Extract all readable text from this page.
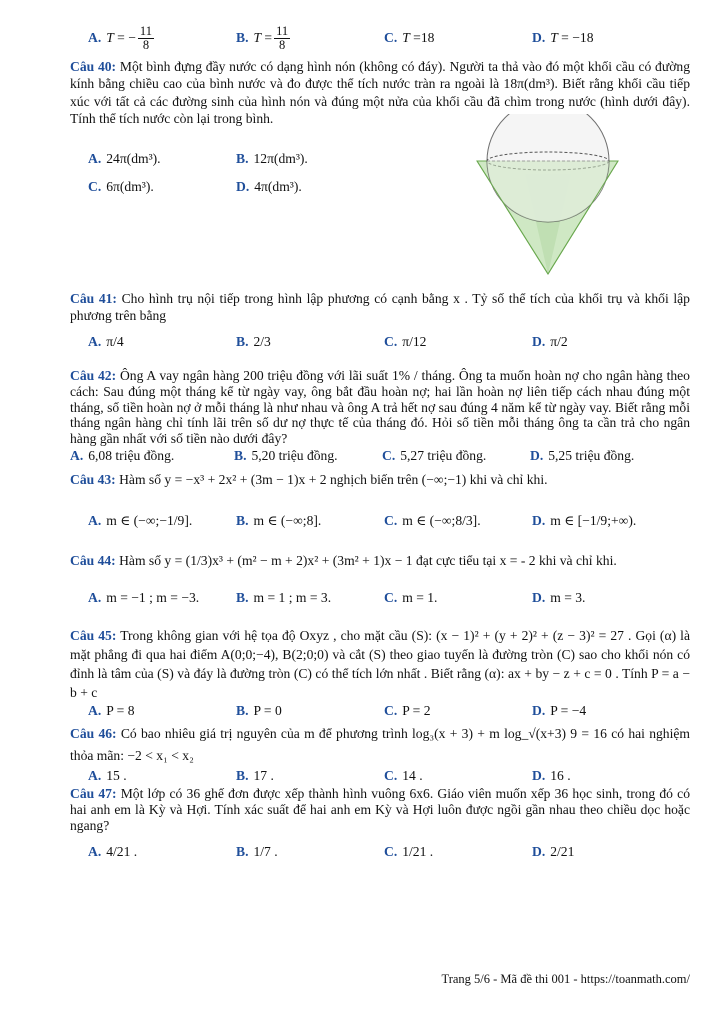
A. T = − 11
8	B. T = 11
8	C. T =18	D. T = −18

Câu 40: Một bình đựng đầy nước có dạng hình nón (không có đáy). Người ta thả vào đó một khối cầu có đường kính bằng chiều cao của bình nước và đo được thể tích nước tràn ra ngoài là 18π(dm³). Biết rằng khối cầu tiếp xúc với tất cả các đường sinh của hình nón và đúng một nửa của khối cầu đã chìm trong nước (hình dưới đây). Tính thể tích nước còn lại trong bình.

A. 24π(dm³).	B. 12π(dm³).
C. 6π(dm³).	D. 4π(dm³).

Câu 41: Cho hình trụ nội tiếp trong hình lập phương có cạnh bằng x . Tỷ số thể tích của khối trụ và khối lập phương trên bằng

A. π/4	B. 2/3	C. π/12	D. π/2

Câu 42: Ông A vay ngân hàng 200 triệu đồng với lãi suất 1% / tháng. Ông ta muốn hoàn nợ cho ngân hàng theo cách: Sau đúng một tháng kể từ ngày vay, ông bắt đầu hoàn nợ; hai lần hoàn nợ liên tiếp cách nhau đúng một tháng, số tiền hoàn nợ ở mỗi tháng là như nhau và ông A trả hết nợ sau đúng 4 năm kể từ ngày vay. Biết rằng mỗi tháng ngân hàng chỉ tính lãi trên số dư nợ thực tế của tháng đó. Hỏi số tiền mỗi tháng ông ta cần trả cho ngân hàng gần nhất với số tiền nào dưới đây?

A. 6,08 triệu đồng.	B. 5,20 triệu đồng.	C. 5,27 triệu đồng.	D. 5,25 triệu đồng.

Câu 43: Hàm số y = −x³ + 2x² + (3m − 1)x + 2 nghịch biến trên (−∞;−1) khi và chỉ khi.

A. m ∈ (−∞;−1/9].	B. m ∈ (−∞;8].	C. m ∈ (−∞;8/3].	D. m ∈ [−1/9;+∞).

Câu 44: Hàm số y = (1/3)x³ + (m² − m + 2)x² + (3m² + 1)x − 1 đạt cực tiểu tại x = - 2 khi và chỉ khi.

A. m = −1 ; m = −3.	B. m = 1 ; m = 3.	C. m = 1.	D. m = 3.

Câu 45: Trong không gian với hệ tọa độ Oxyz , cho mặt cầu (S): (x − 1)² + (y + 2)² + (z − 3)² = 27 . Gọi (α) là mặt phẳng đi qua hai điểm A(0;0;−4), B(2;0;0) và cắt (S) theo giao tuyến là đường tròn (C) sao cho khối nón có đỉnh là tâm của (S) và đáy là đường tròn (C) có thể tích lớn nhất . Biết rằng (α): ax + by − z + c = 0 . Tính P = a − b + c

A. P = 8	B. P = 0	C. P = 2	D. P = −4

Câu 46: Có bao nhiêu giá trị nguyên của m để phương trình log₃(x + 3) + m log_√(x+3) 9 = 16 có hai nghiệm thỏa mãn: −2 < x₁ < x₂

A. 15 .	B. 17 .	C. 14 .	D. 16 .

Câu 47: Một lớp có 36 ghế đơn được xếp thành hình vuông 6x6. Giáo viên muốn xếp 36 học sinh, trong đó có hai anh em là Kỳ và Hợi. Tính xác suất để hai anh em Kỳ và Hợi luôn được ngồi gần nhau theo chiều dọc hoặc ngang?

A. 4/21 .	B. 1/7 .	C. 1/21 .	D. 2/21
Trang 5/6 - Mã đề thi 001 - https://toanmath.com/
